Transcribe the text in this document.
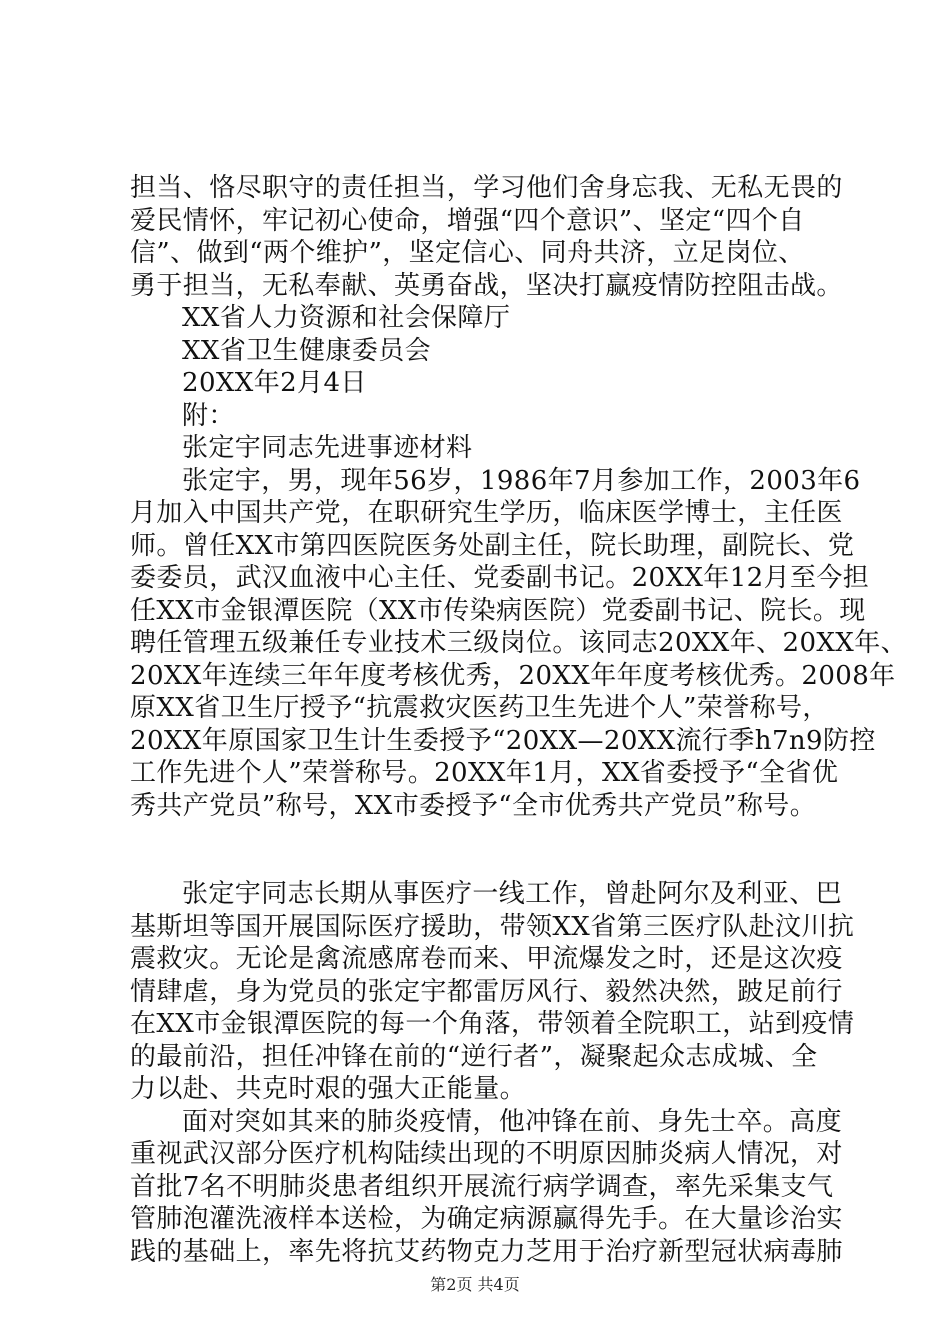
担当、恪尽职守的责任担当，学习他们舍身忘我、无私无畏的
爱民情怀，牢记初心使命，增强“四个意识”、坚定“四个自
信”、做到“两个维护”，坚定信心、同舟共济，立足岗位、
勇于担当，无私奉献、英勇奋战，坚决打赢疫情防控阻击战。
XX省人力资源和社会保障厅
XX省卫生健康委员会
20XX年2月4日
附：
张定宇同志先进事迹材料
张定宇，男，现年56岁，1986年7月参加工作，2003年6
月加入中国共产党，在职研究生学历，临床医学博士，主任医
师。曾任XX市第四医院医务处副主任，院长助理，副院长、党
委委员，武汉血液中心主任、党委副书记。20XX年12月至今担
任XX市金银潭医院（XX市传染病医院）党委副书记、院长。现
聘任管理五级兼任专业技术三级岗位。该同志20XX年、20XX年、
20XX年连续三年年度考核优秀，20XX年年度考核优秀。2008年
原XX省卫生厅授予“抗震救灾医药卫生先进个人”荣誉称号，
20XX年原国家卫生计生委授予“20XX—20XX流行季h7n9防控
工作先进个人”荣誉称号。20XX年1月，XX省委授予“全省优
秀共产党员”称号，XX市委授予“全市优秀共产党员”称号。
张定宇同志长期从事医疗一线工作，曾赴阿尔及利亚、巴
基斯坦等国开展国际医疗援助，带领XX省第三医疗队赴汶川抗
震救灾。无论是禽流感席卷而来、甲流爆发之时，还是这次疫
情肆虐，身为党员的张定宇都雷厉风行、毅然决然，跛足前行
在XX市金银潭医院的每一个角落，带领着全院职工，站到疫情
的最前沿，担任冲锋在前的“逆行者”，凝聚起众志成城、全
力以赴、共克时艰的强大正能量。
面对突如其来的肺炎疫情，他冲锋在前、身先士卒。高度
重视武汉部分医疗机构陆续出现的不明原因肺炎病人情况，对
首批7名不明肺炎患者组织开展流行病学调查，率先采集支气
管肺泡灌洗液样本送检，为确定病源赢得先手。在大量诊治实
践的基础上，率先将抗艾药物克力芝用于治疗新型冠状病毒肺
第2页 共4页
